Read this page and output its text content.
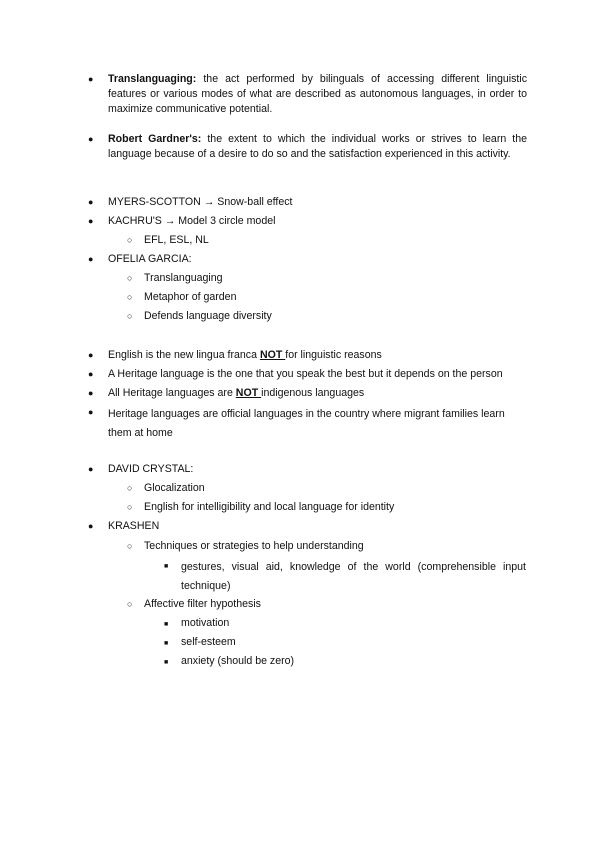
● Translanguaging: the act performed by bilinguals of accessing different linguistic features or various modes of what are described as autonomous languages, in order to maximize communicative potential.
● Robert Gardner's: the extent to which the individual works or strives to learn the language because of a desire to do so and the satisfaction experienced in this activity.
● MYERS-SCOTTON → Snow-ball effect
● KACHRU'S → Model 3 circle model
○ EFL, ESL, NL
● OFELIA GARCIA:
○ Translanguaging
○ Metaphor of garden
○ Defends language diversity
● English is the new lingua franca NOT for linguistic reasons
● A Heritage language is the one that you speak the best but it depends on the person
● All Heritage languages are NOT indigenous languages
● Heritage languages are official languages in the country where migrant families learn them at home
● DAVID CRYSTAL:
○ Glocalization
○ English for intelligibility and local language for identity
● KRASHEN
○ Techniques or strategies to help understanding
■ gestures, visual aid, knowledge of the world (comprehensible input technique)
○ Affective filter hypothesis
■ motivation
■ self-esteem
■ anxiety (should be zero)
